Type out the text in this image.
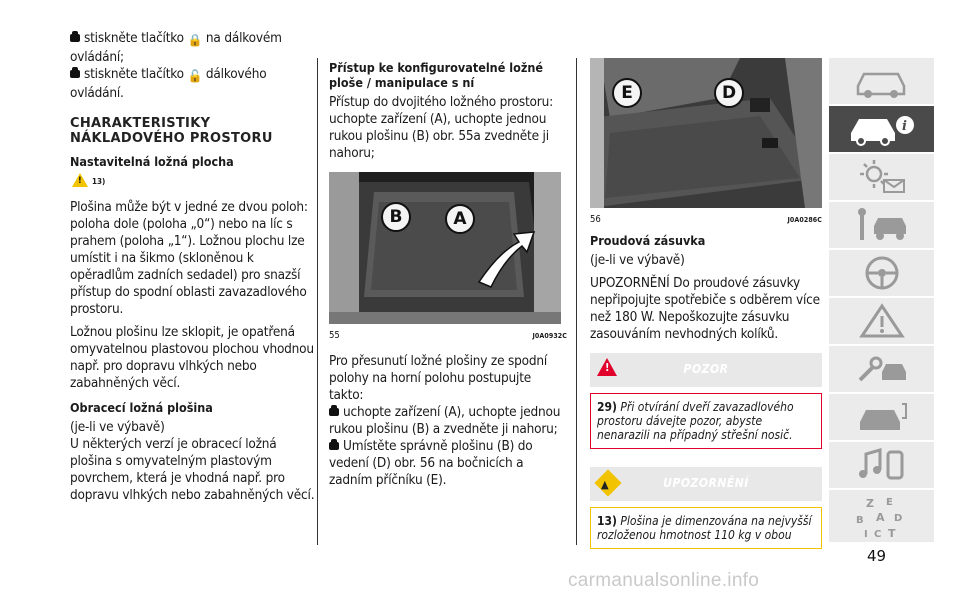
stiskněte tlačítko 🔒 na dálkovém ovládání;

stiskněte tlačítko 🔓 dálkového ovládání.

CHARAKTERISTIKY
NÁKLADOVÉHO PROSTORU
Nastavitelná ložná plocha
! 13)

Plošina může být v jedné ze dvou poloh: poloha dole (poloha „0“) nebo na líc s prahem (poloha „1“). Ložnou plochu lze umístit i na šikmo (skloněnou k opěradlům zadních sedadel) pro snazší přístup do spodní oblasti zavazadlového prostoru.

Ložnou plošinu lze sklopit, je opatřená omyvatelnou plastovou plochou vhodnou např. pro dopravu vlhkých nebo zabahněných věcí.

Obracecí ložná plošina

(je-li ve výbavě)

U některých verzí je obracecí ložná plošina s omyvatelným plastovým povrchem, která je vhodná např. pro dopravu vlhkých nebo zabahněných věcí.

Přístup ke konfigurovatelné ložné ploše / manipulace s ní

Přístup do dvojitého ložného prostoru: uchopte zařízení (A), uchopte jednou rukou plošinu (B) obr. 55a zvedněte ji nahoru;

B	A
55	J0A0932C

Pro přesunutí ložné plošiny ze spodní polohy na horní polohu postupujte takto:

uchopte zařízení (A), uchopte jednou rukou plošinu (B) a zvedněte ji nahoru;

Umístěte správně plošinu (B) do vedení (D) obr. 56 na bočnicích a zadním příčníku (E).

E	D
56	J0A0286C
Proudová zásuvka

(je-li ve výbavě)

UPOZORNĚNÍ Do proudové zásuvky nepřipojujte spotřebiče s odběrem více než 180 W. Nepoškozujte zásuvku zasouváním nevhodných kolíků.

!	POZOR
29) Při otvírání dveří zavazadlového prostoru dávejte pozor, abyste nenarazili na případný střešní nosič.
▲	UPOZORNĚNÍ
13) Plošina je dimenzována na nejvyšší rozloženou hmotnost 110 kg v obou
i
Z E
B A D
I C T
49
carmanualsonline.info
